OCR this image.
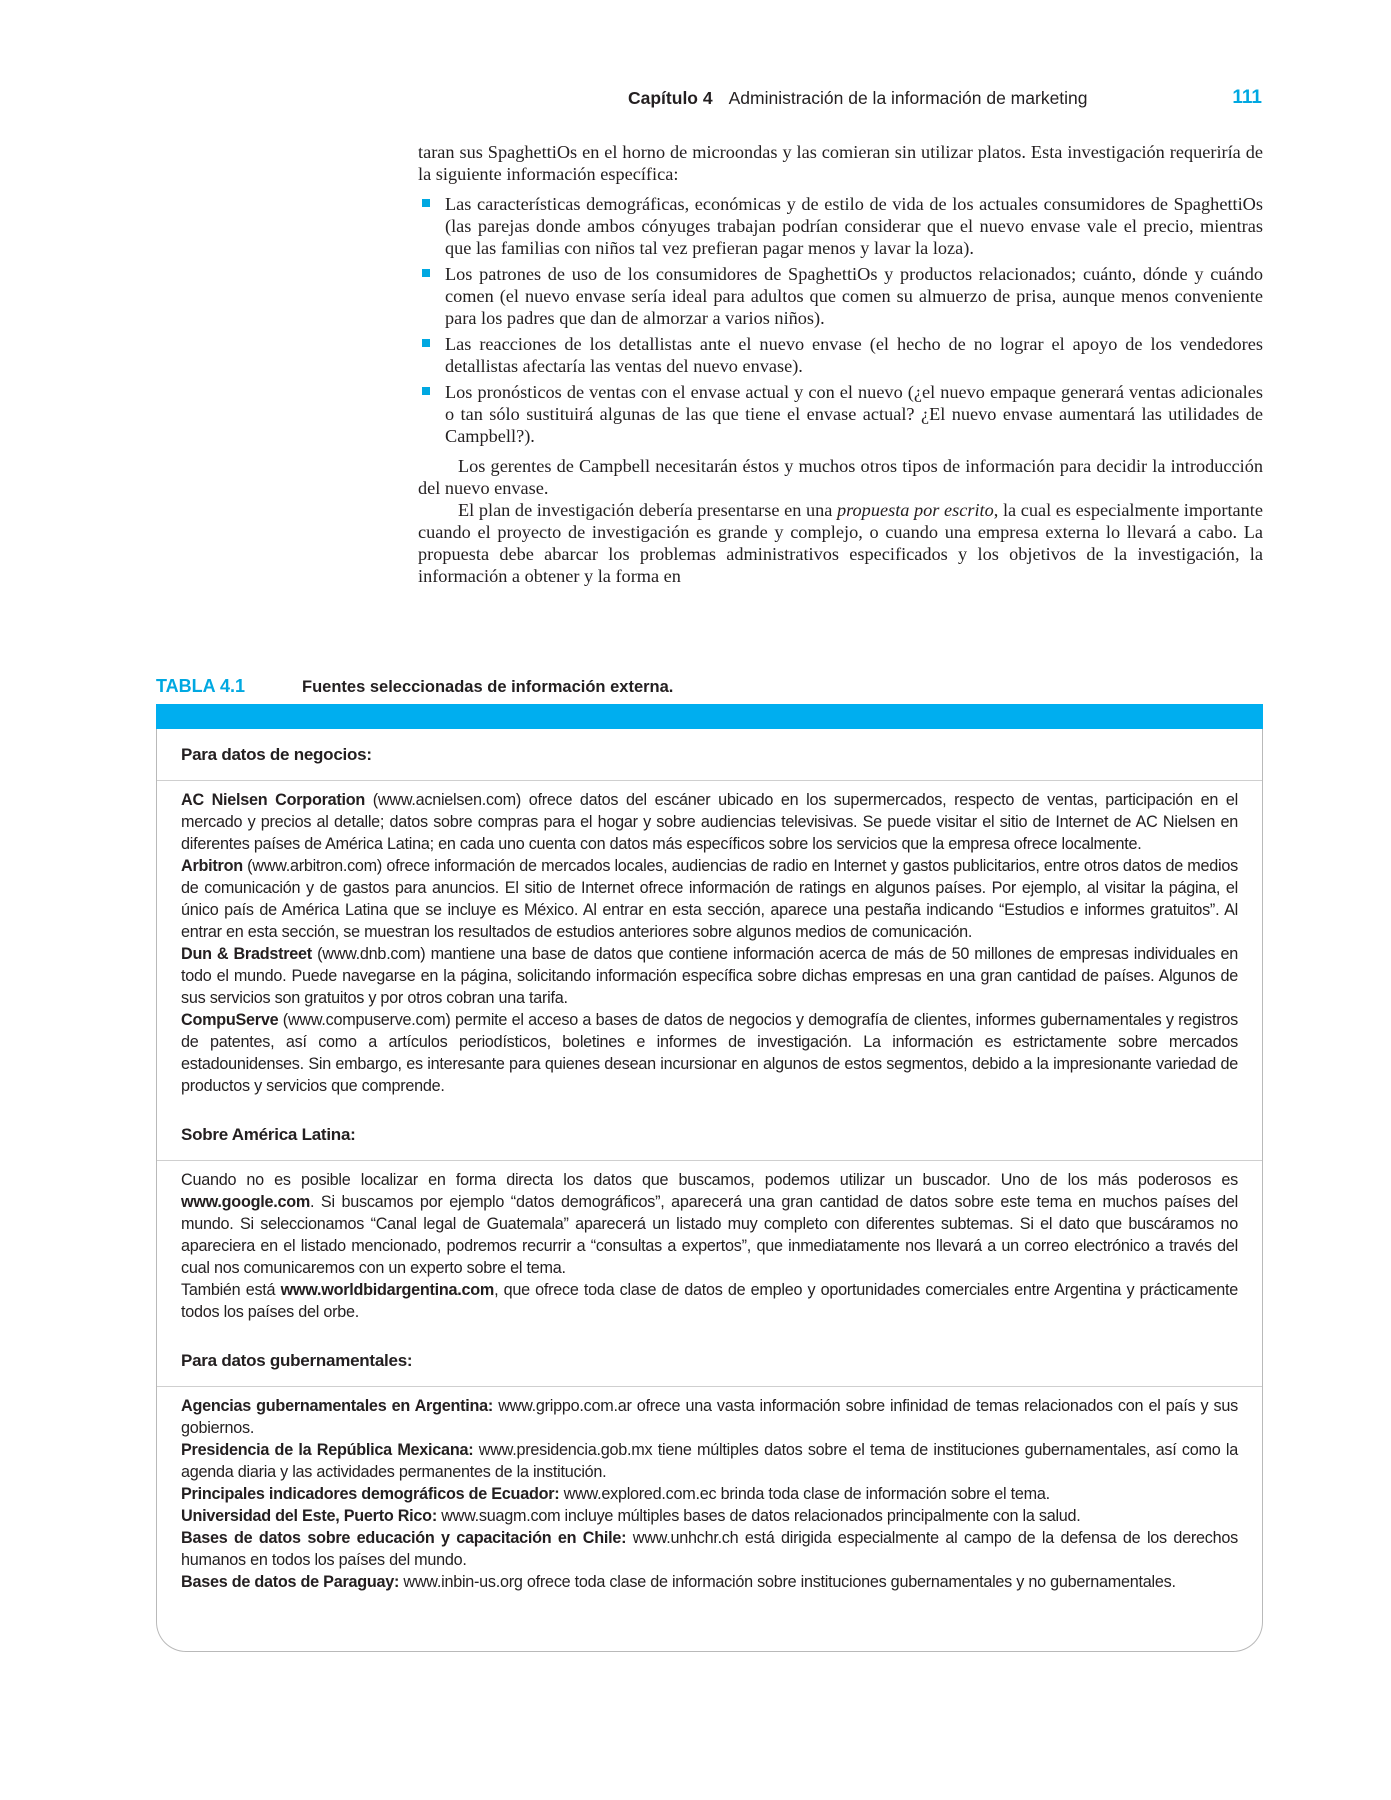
Capítulo 4 Administración de la información de marketing	111

taran sus SpaghettiOs en el horno de microondas y las comieran sin utilizar platos. Esta investigación requeriría de la siguiente información específica:

Las características demográficas, económicas y de estilo de vida de los actuales consumidores de SpaghettiOs (las parejas donde ambos cónyuges trabajan podrían considerar que el nuevo envase vale el precio, mientras que las familias con niños tal vez prefieran pagar menos y lavar la loza).
Los patrones de uso de los consumidores de SpaghettiOs y productos relacionados; cuánto, dónde y cuándo comen (el nuevo envase sería ideal para adultos que comen su almuerzo de prisa, aunque menos conveniente para los padres que dan de almorzar a varios niños).
Las reacciones de los detallistas ante el nuevo envase (el hecho de no lograr el apoyo de los vendedores detallistas afectaría las ventas del nuevo envase).
Los pronósticos de ventas con el envase actual y con el nuevo (¿el nuevo empaque generará ventas adicionales o tan sólo sustituirá algunas de las que tiene el envase actual? ¿El nuevo envase aumentará las utilidades de Campbell?).

Los gerentes de Campbell necesitarán éstos y muchos otros tipos de información para decidir la introducción del nuevo envase.

El plan de investigación debería presentarse en una propuesta por escrito, la cual es especialmente importante cuando el proyecto de investigación es grande y complejo, o cuando una empresa externa lo llevará a cabo. La propuesta debe abarcar los problemas administrativos especificados y los objetivos de la investigación, la información a obtener y la forma en

TABLA 4.1	Fuentes seleccionadas de información externa.
Para datos de negocios:

AC Nielsen Corporation (www.acnielsen.com) ofrece datos del escáner ubicado en los supermercados, respecto de ventas, participación en el mercado y precios al detalle; datos sobre compras para el hogar y sobre audiencias televisivas. Se puede visitar el sitio de Internet de AC Nielsen en diferentes países de América Latina; en cada uno cuenta con datos más específicos sobre los servicios que la empresa ofrece localmente.

Arbitron (www.arbitron.com) ofrece información de mercados locales, audiencias de radio en Internet y gastos publicitarios, entre otros datos de medios de comunicación y de gastos para anuncios. El sitio de Internet ofrece información de ratings en algunos países. Por ejemplo, al visitar la página, el único país de América Latina que se incluye es México. Al entrar en esta sección, aparece una pestaña indicando “Estudios e informes gratuitos”. Al entrar en esta sección, se muestran los resultados de estudios anteriores sobre algunos medios de comunicación.

Dun & Bradstreet (www.dnb.com) mantiene una base de datos que contiene información acerca de más de 50 millones de empresas individuales en todo el mundo. Puede navegarse en la página, solicitando información específica sobre dichas empresas en una gran cantidad de países. Algunos de sus servicios son gratuitos y por otros cobran una tarifa.

CompuServe (www.compuserve.com) permite el acceso a bases de datos de negocios y demografía de clientes, informes gubernamentales y registros de patentes, así como a artículos periodísticos, boletines e informes de investigación. La información es estrictamente sobre mercados estadounidenses. Sin embargo, es interesante para quienes desean incursionar en algunos de estos segmentos, debido a la impresionante variedad de productos y servicios que comprende.

Sobre América Latina:

Cuando no es posible localizar en forma directa los datos que buscamos, podemos utilizar un buscador. Uno de los más poderosos es www.google.com. Si buscamos por ejemplo “datos demográficos”, aparecerá una gran cantidad de datos sobre este tema en muchos países del mundo. Si seleccionamos “Canal legal de Guatemala” aparecerá un listado muy completo con diferentes subtemas. Si el dato que buscáramos no apareciera en el listado mencionado, podremos recurrir a “consultas a expertos”, que inmediatamente nos llevará a un correo electrónico a través del cual nos comunicaremos con un experto sobre el tema.

También está www.worldbidargentina.com, que ofrece toda clase de datos de empleo y oportunidades comerciales entre Argentina y prácticamente todos los países del orbe.

Para datos gubernamentales:

Agencias gubernamentales en Argentina: www.grippo.com.ar ofrece una vasta información sobre infinidad de temas relacionados con el país y sus gobiernos.

Presidencia de la República Mexicana: www.presidencia.gob.mx tiene múltiples datos sobre el tema de instituciones gubernamentales, así como la agenda diaria y las actividades permanentes de la institución.

Principales indicadores demográficos de Ecuador: www.explored.com.ec brinda toda clase de información sobre el tema.

Universidad del Este, Puerto Rico: www.suagm.com incluye múltiples bases de datos relacionados principalmente con la salud.

Bases de datos sobre educación y capacitación en Chile: www.unhchr.ch está dirigida especialmente al campo de la defensa de los derechos humanos en todos los países del mundo.

Bases de datos de Paraguay: www.inbin-us.org ofrece toda clase de información sobre instituciones gubernamentales y no gubernamentales.
